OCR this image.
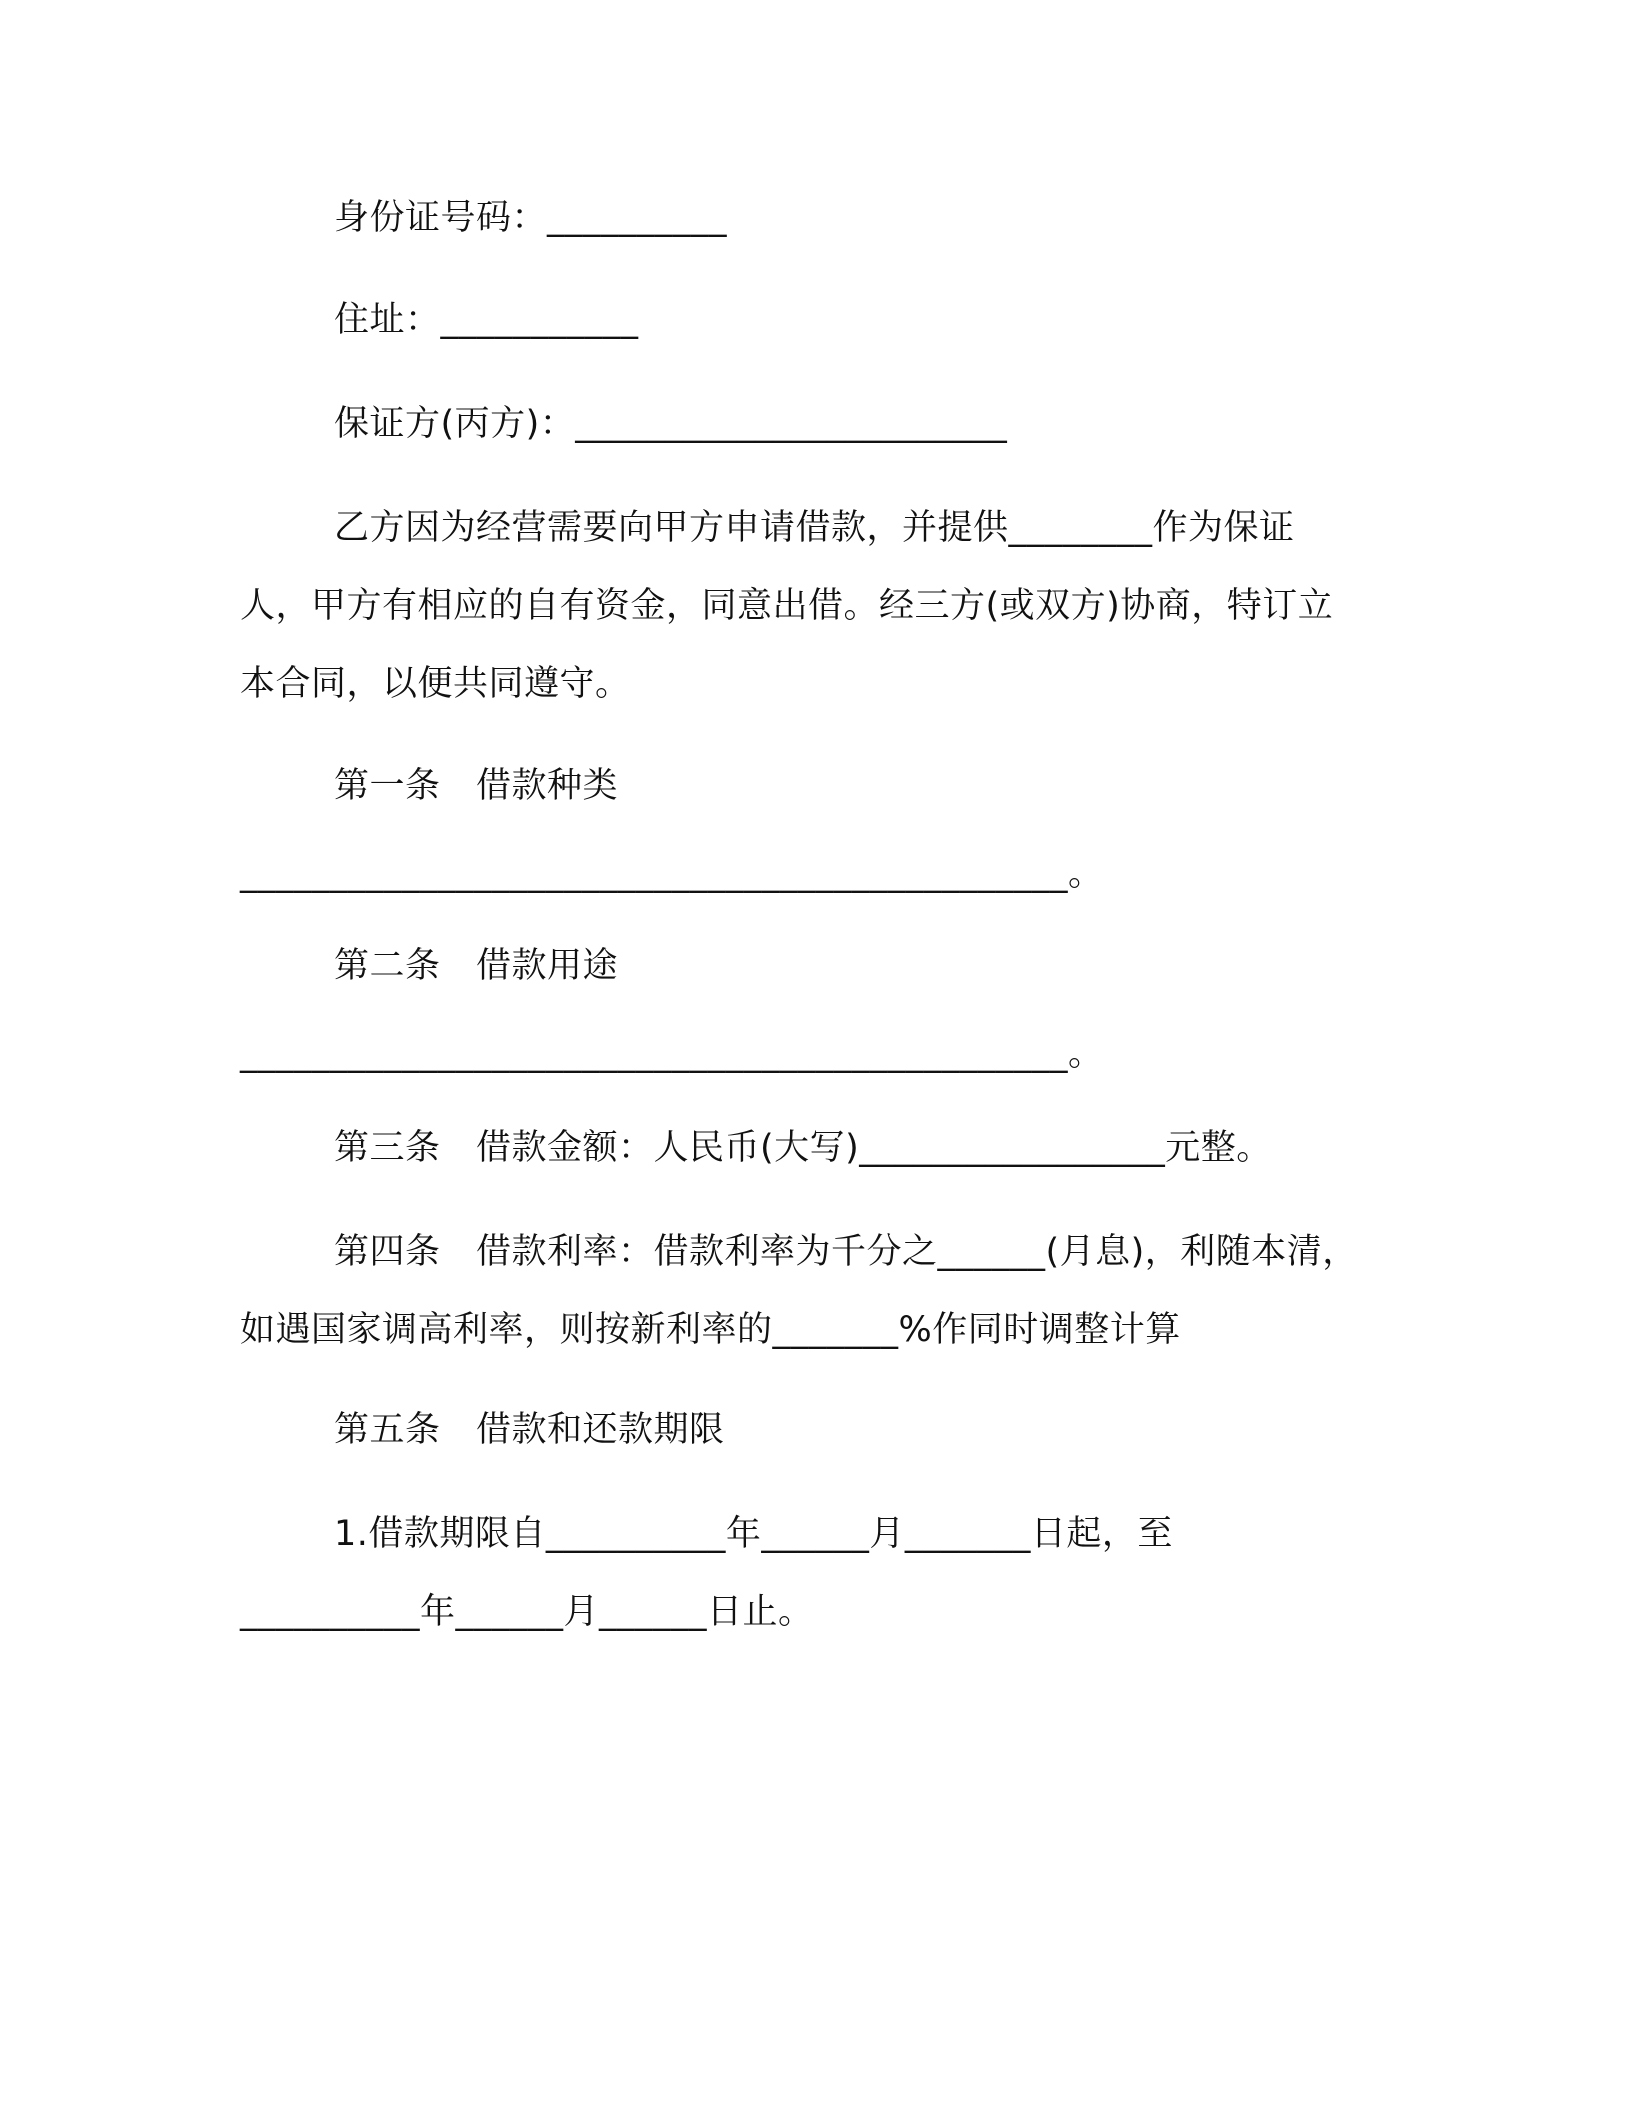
身份证号码：__________
住址：___________
保证方(丙方)：________________________
乙方因为经营需要向甲方申请借款，并提供________作为保证
人，甲方有相应的自有资金，同意出借。经三方(或双方)协商，特订立
本合同，以便共同遵守。
第一条　借款种类
______________________________________________。
第二条　借款用途
______________________________________________。
第三条　借款金额：人民币(大写)_________________元整。
第四条　借款利率：借款利率为千分之______(月息)，利随本清，
如遇国家调高利率，则按新利率的_______%作同时调整计算
第五条　借款和还款期限
1.借款期限自__________年______月_______日起，至
__________年______月______日止。
